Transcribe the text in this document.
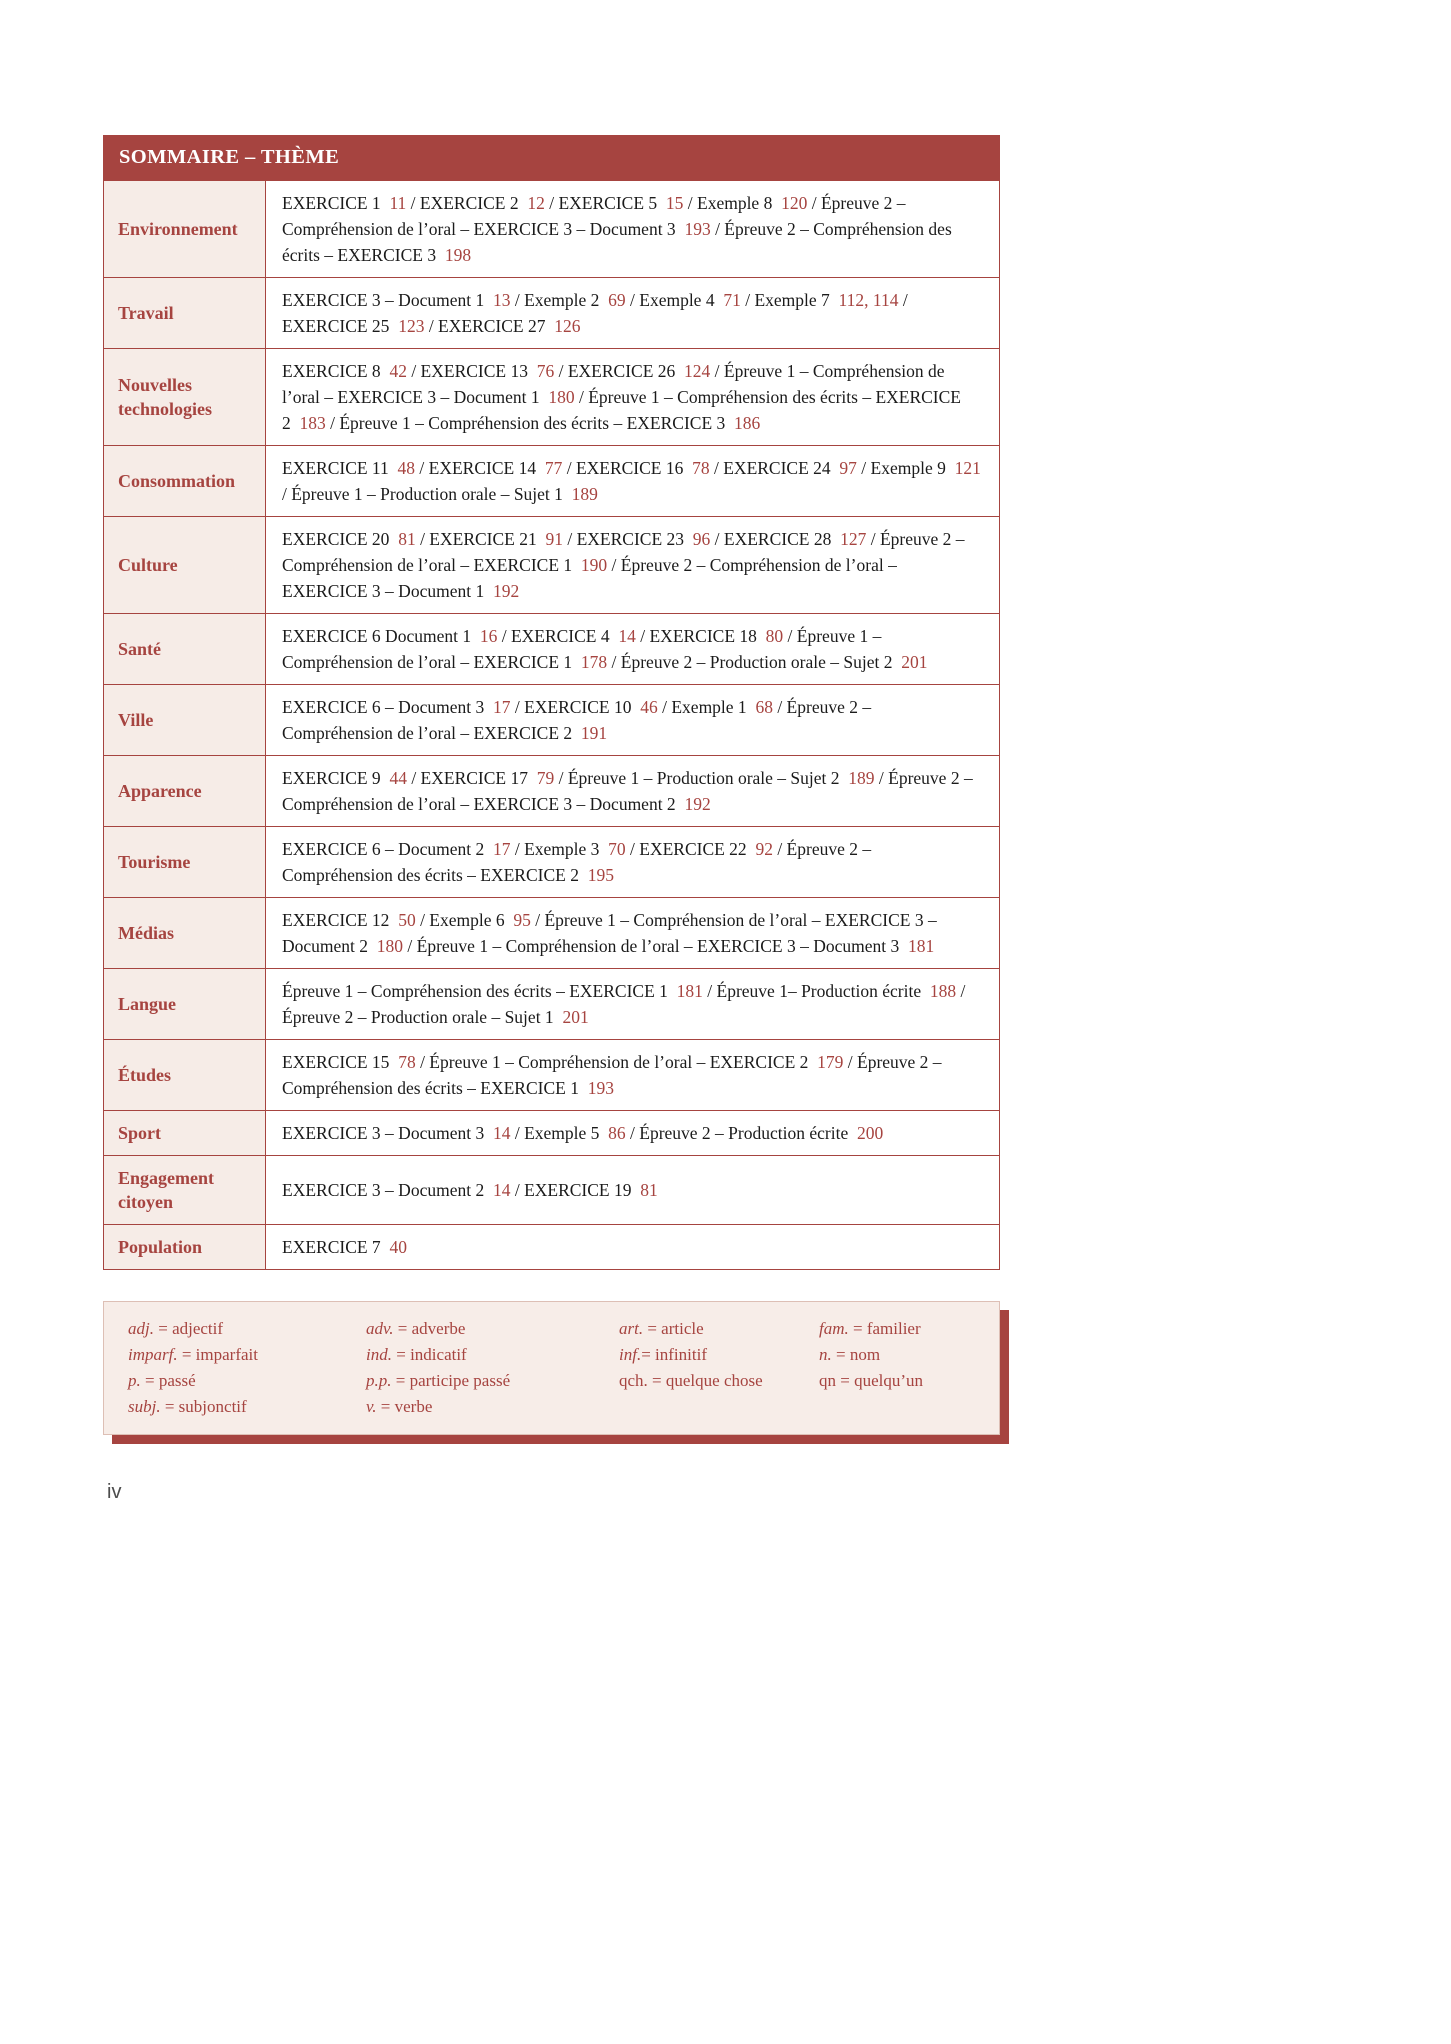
SOMMAIRE – THÈME
Environnement

EXERCICE 1  11 / EXERCICE 2  12 / EXERCICE 5  15 / Exemple 8  120 / Épreuve 2 – Compréhension de l’oral – EXERCICE 3 – Document 3  193 / Épreuve 2 – Compréhension des écrits – EXERCICE 3  198

Travail

EXERCICE 3 – Document 1  13 / Exemple 2  69 / Exemple 4  71 / Exemple 7  112, 114 / EXERCICE 25  123 / EXERCICE 27  126

Nouvelles technologies

EXERCICE 8  42 / EXERCICE 13  76 / EXERCICE 26  124 / Épreuve 1 – Compréhension de l’oral – EXERCICE 3 – Document 1  180 / Épreuve 1 – Compréhension des écrits – EXERCICE 2  183 / Épreuve 1 – Compréhension des écrits – EXERCICE 3  186

Consommation

EXERCICE 11  48 / EXERCICE 14  77 / EXERCICE 16  78 / EXERCICE 24  97 / Exemple 9  121 / Épreuve 1 – Production orale – Sujet 1  189

Culture

EXERCICE 20  81 / EXERCICE 21  91 / EXERCICE 23  96 / EXERCICE 28  127 / Épreuve 2 – Compréhension de l’oral – EXERCICE 1  190 / Épreuve 2 – Compréhension de l’oral – EXERCICE 3 – Document 1  192

Santé

EXERCICE 6 Document 1  16 / EXERCICE 4  14 / EXERCICE 18  80 / Épreuve 1 – Compréhension de l’oral – EXERCICE 1  178 / Épreuve 2 – Production orale – Sujet 2  201

Ville

EXERCICE 6 – Document 3  17 / EXERCICE 10  46 / Exemple 1  68 / Épreuve 2 – Compréhension de l’oral – EXERCICE 2  191

Apparence

EXERCICE 9  44 / EXERCICE 17  79 / Épreuve 1 – Production orale – Sujet 2  189 / Épreuve 2 – Compréhension de l’oral – EXERCICE 3 – Document 2  192

Tourisme

EXERCICE 6 – Document 2  17 / Exemple 3  70 / EXERCICE 22  92 / Épreuve 2 – Compréhension des écrits – EXERCICE 2  195

Médias

EXERCICE 12  50 / Exemple 6  95 / Épreuve 1 – Compréhension de l’oral – EXERCICE 3 – Document 2  180 / Épreuve 1 – Compréhension de l’oral – EXERCICE 3 – Document 3  181

Langue

Épreuve 1 – Compréhension des écrits – EXERCICE 1  181 / Épreuve 1– Production écrite  188 / Épreuve 2 – Production orale – Sujet 1  201

Études

EXERCICE 15  78 / Épreuve 1 – Compréhension de l’oral – EXERCICE 2  179 / Épreuve 2 – Compréhension des écrits – EXERCICE 1  193

Sport	EXERCICE 3 – Document 3  14 / Exemple 5  86 / Épreuve 2 – Production écrite  200

Engagement citoyen

EXERCICE 3 – Document 2  14 / EXERCICE 19  81

Population	EXERCICE 7  40

adj. = adjectif
imparf. = imparfait
p. = passé
subj. = subjonctif
adv. = adverbe
ind. = indicatif
p.p. = participe passé
v. = verbe
art. = article
inf.= infinitif
qch. = quelque chose
fam. = familier
n. = nom
qn = quelqu’un
iv
